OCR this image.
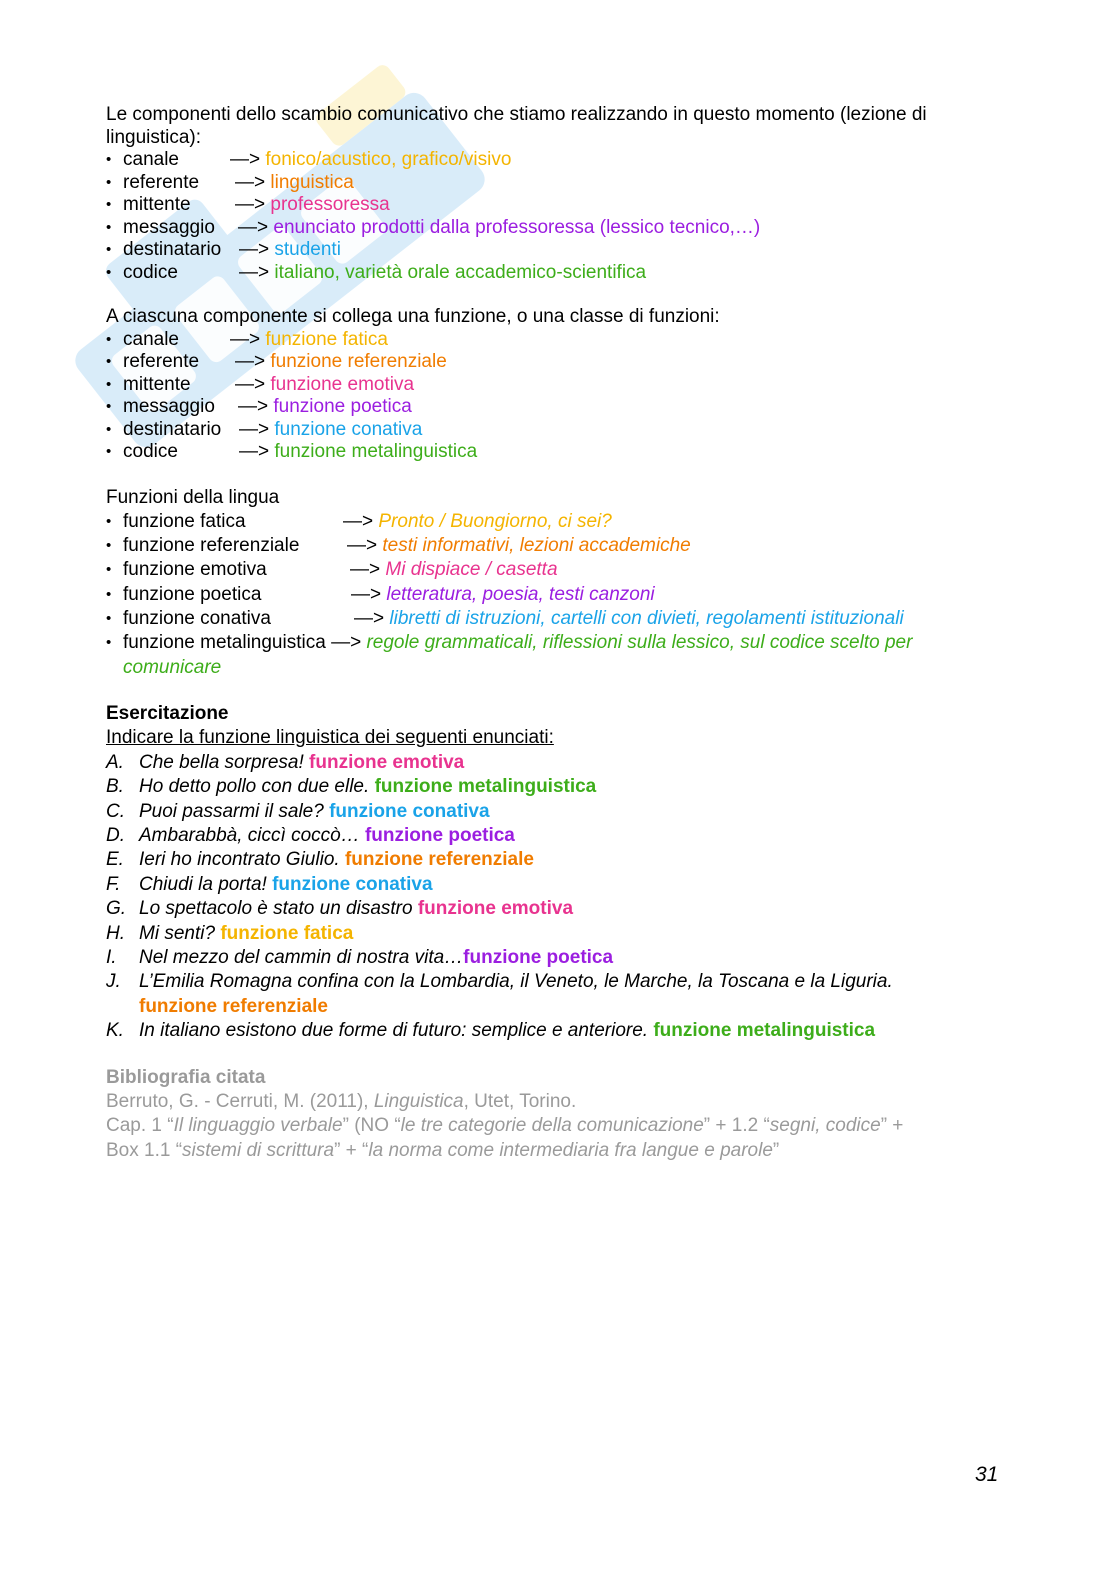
Le componenti dello scambio comunicativo che stiamo realizzando in questo momento (lezione di
linguistica):
• canale	—> fonico/acustico, grafico/visivo
• referente —> linguistica
• mittente —> professoressa
• messaggio —> enunciato prodotti dalla professoressa (lessico tecnico,…)
• destinatario —> studenti
• codice	—> italiano, varietà orale accademico-scientifica
A ciascuna componente si collega una funzione, o una classe di funzioni:
• canale	—> funzione fatica
• referente —> funzione referenziale
• mittente —> funzione emotiva
• messaggio —> funzione poetica
• destinatario —> funzione conativa
• codice	—> funzione metalinguistica
Funzioni della lingua
• funzione fatica	—> Pronto / Buongiorno, ci sei?
• funzione referenziale	—> testi informativi, lezioni accademiche
• funzione emotiva	—> Mi dispiace / casetta
• funzione poetica	—> letteratura, poesia, testi canzoni
• funzione conativa	—> libretti di istruzioni, cartelli con divieti, regolamenti istituzionali
• funzione metalinguistica —> regole grammaticali, riflessioni sulla lessico, sul codice scelto per
comunicare
Esercitazione
Indicare la funzione linguistica dei seguenti enunciati:
A. Che bella sorpresa! funzione emotiva
B. Ho detto pollo con due elle. funzione metalinguistica
C. Puoi passarmi il sale? funzione conativa
D. Ambarabbà, ciccì coccò… funzione poetica
E. Ieri ho incontrato Giulio. funzione referenziale
F. Chiudi la porta! funzione conativa
G. Lo spettacolo è stato un disastro funzione emotiva
H. Mi senti? funzione fatica
I. Nel mezzo del cammin di nostra vita…funzione poetica
J. L’Emilia Romagna confina con la Lombardia, il Veneto, le Marche, la Toscana e la Liguria.
funzione referenziale
K. In italiano esistono due forme di futuro: semplice e anteriore. funzione metalinguistica
Bibliografia citata
Berruto, G. - Cerruti, M. (2011), Linguistica, Utet, Torino.
Cap. 1 “Il linguaggio verbale” (NO “le tre categorie della comunicazione” + 1.2 “segni, codice” +
Box 1.1 “sistemi di scrittura” + “la norma come intermediaria fra langue e parole”
31
